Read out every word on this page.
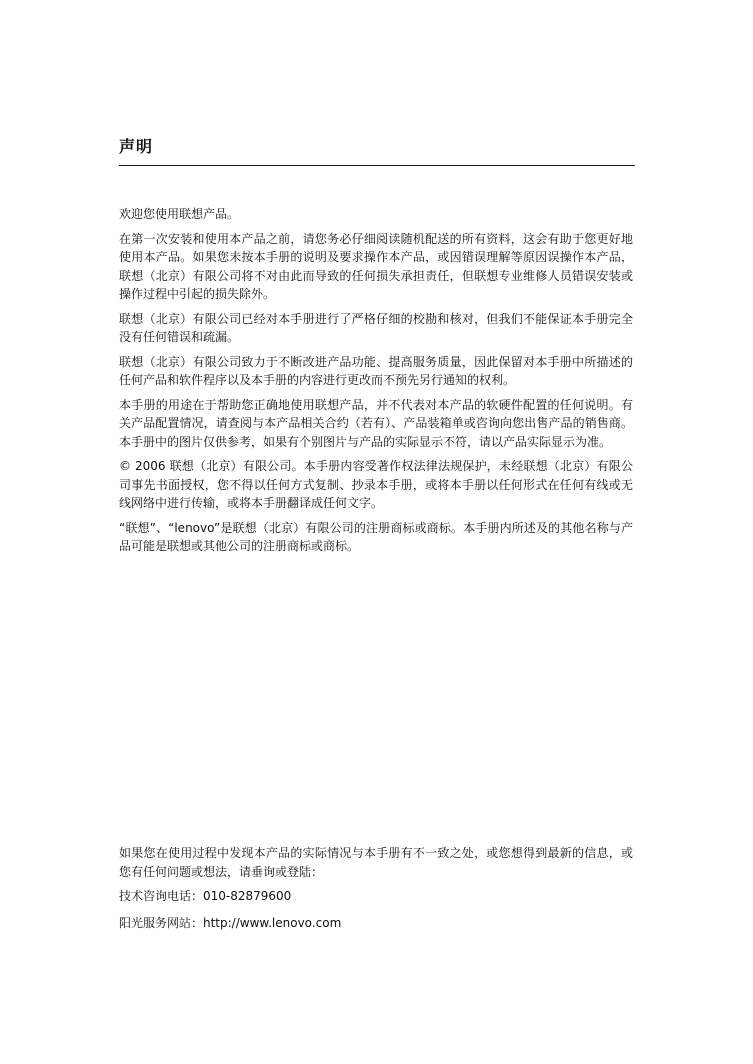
声明

欢迎您使用联想产品。

在第一次安装和使用本产品之前，请您务必仔细阅读随机配送的所有资料，这会有助于您更好地使用本产品。如果您未按本手册的说明及要求操作本产品，或因错误理解等原因误操作本产品，联想（北京）有限公司将不对由此而导致的任何损失承担责任，但联想专业维修人员错误安装或操作过程中引起的损失除外。

联想（北京）有限公司已经对本手册进行了严格仔细的校勘和核对，但我们不能保证本手册完全没有任何错误和疏漏。

联想（北京）有限公司致力于不断改进产品功能、提高服务质量，因此保留对本手册中所描述的任何产品和软件程序以及本手册的内容进行更改而不预先另行通知的权利。

本手册的用途在于帮助您正确地使用联想产品，并不代表对本产品的软硬件配置的任何说明。有关产品配置情况，请查阅与本产品相关合约（若有）、产品装箱单或咨询向您出售产品的销售商。本手册中的图片仅供参考，如果有个别图片与产品的实际显示不符，请以产品实际显示为准。

© 2006 联想（北京）有限公司。本手册内容受著作权法律法规保护，未经联想（北京）有限公司事先书面授权，您不得以任何方式复制、抄录本手册，或将本手册以任何形式在任何有线或无线网络中进行传输，或将本手册翻译成任何文字。

“联想”、“lenovo”是联想（北京）有限公司的注册商标或商标。本手册内所述及的其他名称与产品可能是联想或其他公司的注册商标或商标。

如果您在使用过程中发现本产品的实际情况与本手册有不一致之处，或您想得到最新的信息，或您有任何问题或想法，请垂询或登陆：

技术咨询电话：010-82879600

阳光服务网站：http://www.lenovo.com
